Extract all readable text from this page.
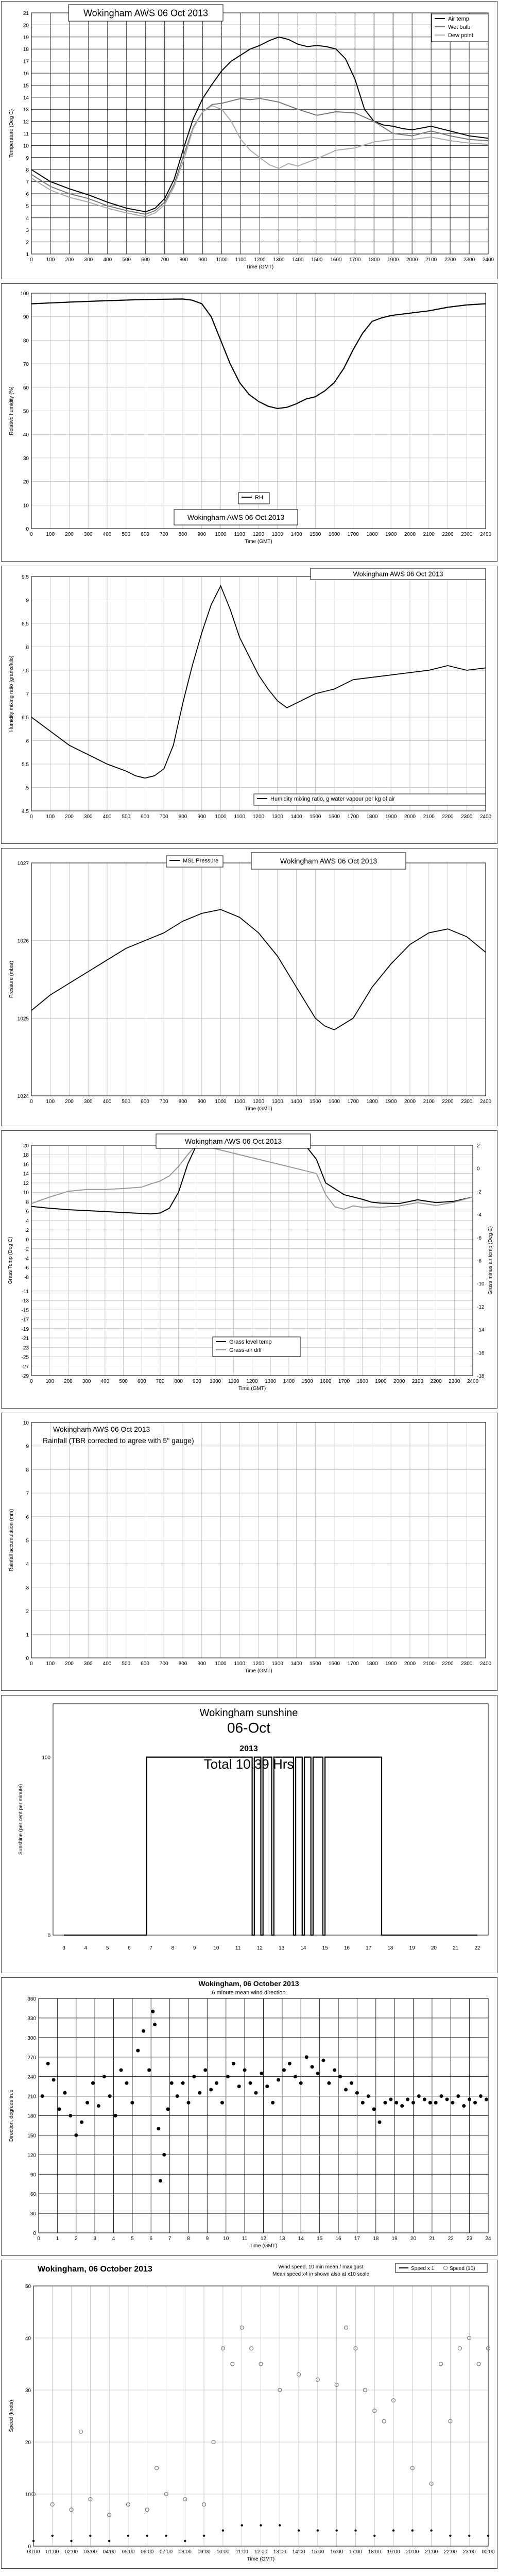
1
2
3
4
5
6
7
8
9
10
11
12
13
14
15
16
17
18
19
20
21
0	100 200 300 400 500 600 700 800 900 1000 1100 1200 1300 1400 1500 1600 1700 1800 1900 2000 2100 2200 2300 2400
Time (GMT)
Temperature (Deg C)
Wokingham AWS 06 Oct 2013
Air temp
Wet bulb
Dew point
0
10
20
30
40
50
60
70
80
90
100
0	100 200 300 400 500 600 700 800 900 1000 1100 1200 1300 1400 1500 1600 1700 1800 1900 2000 2100 2200 2300 2400
Time (GMT)
Relative humidity (%)
Wokingham AWS 06 Oct 2013
RH
4.5
5
5.5
6
6.5
7
7.5
8
8.5
9
9.5
0	100 200 300 400 500 600 700 800 900 1000 1100 1200 1300 1400 1500 1600 1700 1800 1900 2000 2100 2200 2300 2400
Humidity mixing ratio (grams/kilo)
Wokingham AWS 06 Oct 2013
Humidity mixing ratio, g water vapour per kg of air
1024
1025
1026
1027
0	100 200 300 400 500 600 700 800 900 1000 1100 1200 1300 1400 1500 1600 1700 1800 1900 2000 2100 2200 2300 2400
Time (GMT)
Pressure (mbar)
Wokingham AWS 06 Oct 2013
MSL Pressure
20
18
16
14
12
10
8
6
4
2
0
-2
-4
-6
-8
-11
-13
-15
-17
-19
-21
-23
-25
-27
-29
0 100 200 300 400 500 600 700 800 900 1000 1100 1200 1300 1400 1500 1600 1700 1800 1900 2000 2100 2200 2300 2400
Time (GMT)
Grass Temp (Deg C)
Wokingham AWS 06 Oct 2013
Grass level temp
Grass-air diff
2
0
-2
-4
-6
-8
-10
-12
-14
-16
-18
Grass minus air temp (Deg C)
0
1
2
3
4
5
6
7
8
9
10
0	100 200 300 400 500 600 700 800 900 1000 1100 1200 1300 1400 1500 1600 1700 1800 1900 2000 2100 2200 2300 2400
Time (GMT)
Rainfall accumulation (mm)
Wokingham AWS 06 Oct 2013
Rainfall (TBR corrected to agree with 5" gauge)
0
100
3	4	5	6	7	8	9	10	11	12	13	14	15	16	17	18	19	20	21	22
Sunshine (per cent per minute)
Wokingham sunshine
06-Oct
2013
Total 10.39 Hrs
0
30
60
90
120
150
180
210
240
270
300
330
360
0	1	2	3	4	5	6	7	8	9	10	11	12	13	14	15	16	17	18	19	20	21	22	23	24
Time (GMT)
Direction, degrees true
Wokingham, 06 October 2013
6 minute mean wind direction
0
10
20
30
40
50
00:00 01:00 02:00 03:00 04:00 05:00 06:00 07:00 08:00 09:00 10:00 11:00 12:00 13:00 14:00 15:00 16:00 17:00 18:00 19:00 20:00 21:00 22:00 23:00 00:00
Time (GMT)
Speed (knots)
Wokingham, 06 October 2013	Wind speed, 10 min mean / max gust
Mean speed x4 in shown also at x10 scale
Speed x 1	Speed (10)
